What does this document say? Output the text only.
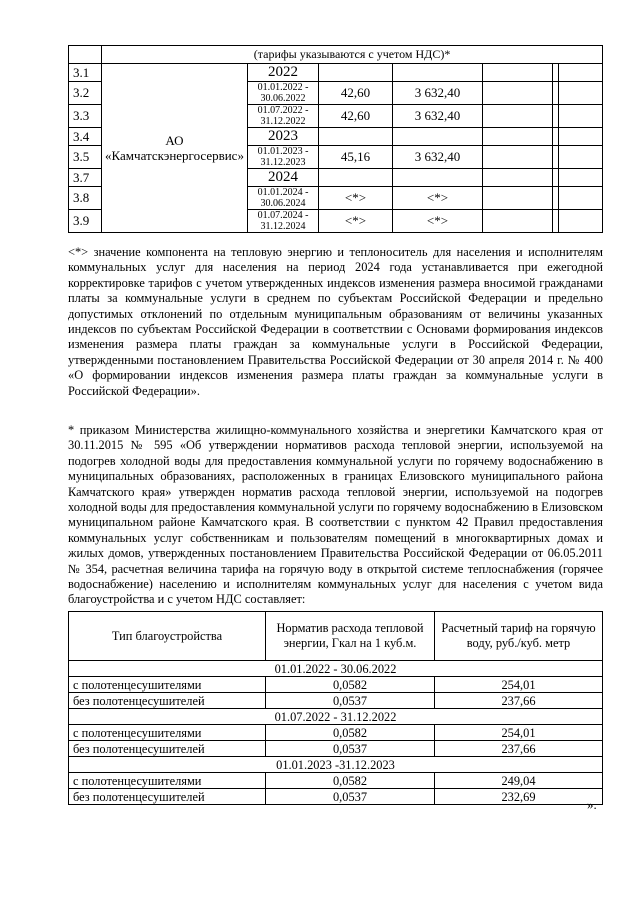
	(тарифы указываются с учетом НДС)*						
3.1	АО «Камчатскэнергосервис»	2022					
3.2		01.01.2022 - 30.06.2022	42,60	3 632,40			
3.3		01.07.2022 - 31.12.2022	42,60	3 632,40			
3.4		2023					
3.5		01.01.2023 - 31.12.2023	45,16	3 632,40			
3.7		2024					
3.8		01.01.2024 - 30.06.2024	<*>	<*>			
3.9		01.07.2024 - 31.12.2024	<*>	<*>			

<*> значение компонента на тепловую энергию и теплоноситель для населения и исполнителям коммунальных услуг для населения на период 2024 года устанавливается при ежегодной корректировке тарифов с учетом утвержденных индексов изменения размера вносимой гражданами платы за коммунальные услуги в среднем по субъектам Российской Федерации и предельно допустимых отклонений по отдельным муниципальным образованиям от величины указанных индексов по субъектам Российской Федерации в соответствии с Основами формирования индексов изменения размера платы граждан за коммунальные услуги в Российской Федерации, утвержденными постановлением Правительства Российской Федерации от 30 апреля 2014 г. № 400 «О формировании индексов изменения размера платы граждан за коммунальные услуги в Российской Федерации».

* приказом Министерства жилищно-коммунального хозяйства и энергетики Камчатского края от 30.11.2015 № 595 «Об утверждении нормативов расхода тепловой энергии, используемой на подогрев холодной воды для предоставления коммунальной услуги по горячему водоснабжению в муниципальных образованиях, расположенных в границах Елизовского муниципального района Камчатского края» утвержден норматив расхода тепловой энергии, используемой на подогрев холодной воды для предоставления коммунальной услуги по горячему водоснабжению в Елизовском муниципальном районе Камчатского края. В соответствии с пунктом 42 Правил предоставления коммунальных услуг собственникам и пользователям помещений в многоквартирных домах и жилых домов, утвержденных постановлением Правительства Российской Федерации от 06.05.2011 № 354, расчетная величина тарифа на горячую воду в открытой системе теплоснабжения (горячее водоснабжение) населению и исполнителям коммунальных услуг для населения с учетом вида благоустройства и с учетом НДС составляет:

Тип благоустройства	Норматив расхода тепловой энергии, Гкал на 1 куб.м.	Расчетный тариф на горячую воду, руб./куб. метр
01.01.2022 - 30.06.2022		
с полотенцесушителями	0,0582	254,01
без полотенцесушителей	0,0537	237,66
01.07.2022 - 31.12.2022		
с полотенцесушителями	0,0582	254,01
без полотенцесушителей	0,0537	237,66
01.01.2023 -31.12.2023		
с полотенцесушителями	0,0582	249,04
без полотенцесушителей	0,0537	232,69
».
